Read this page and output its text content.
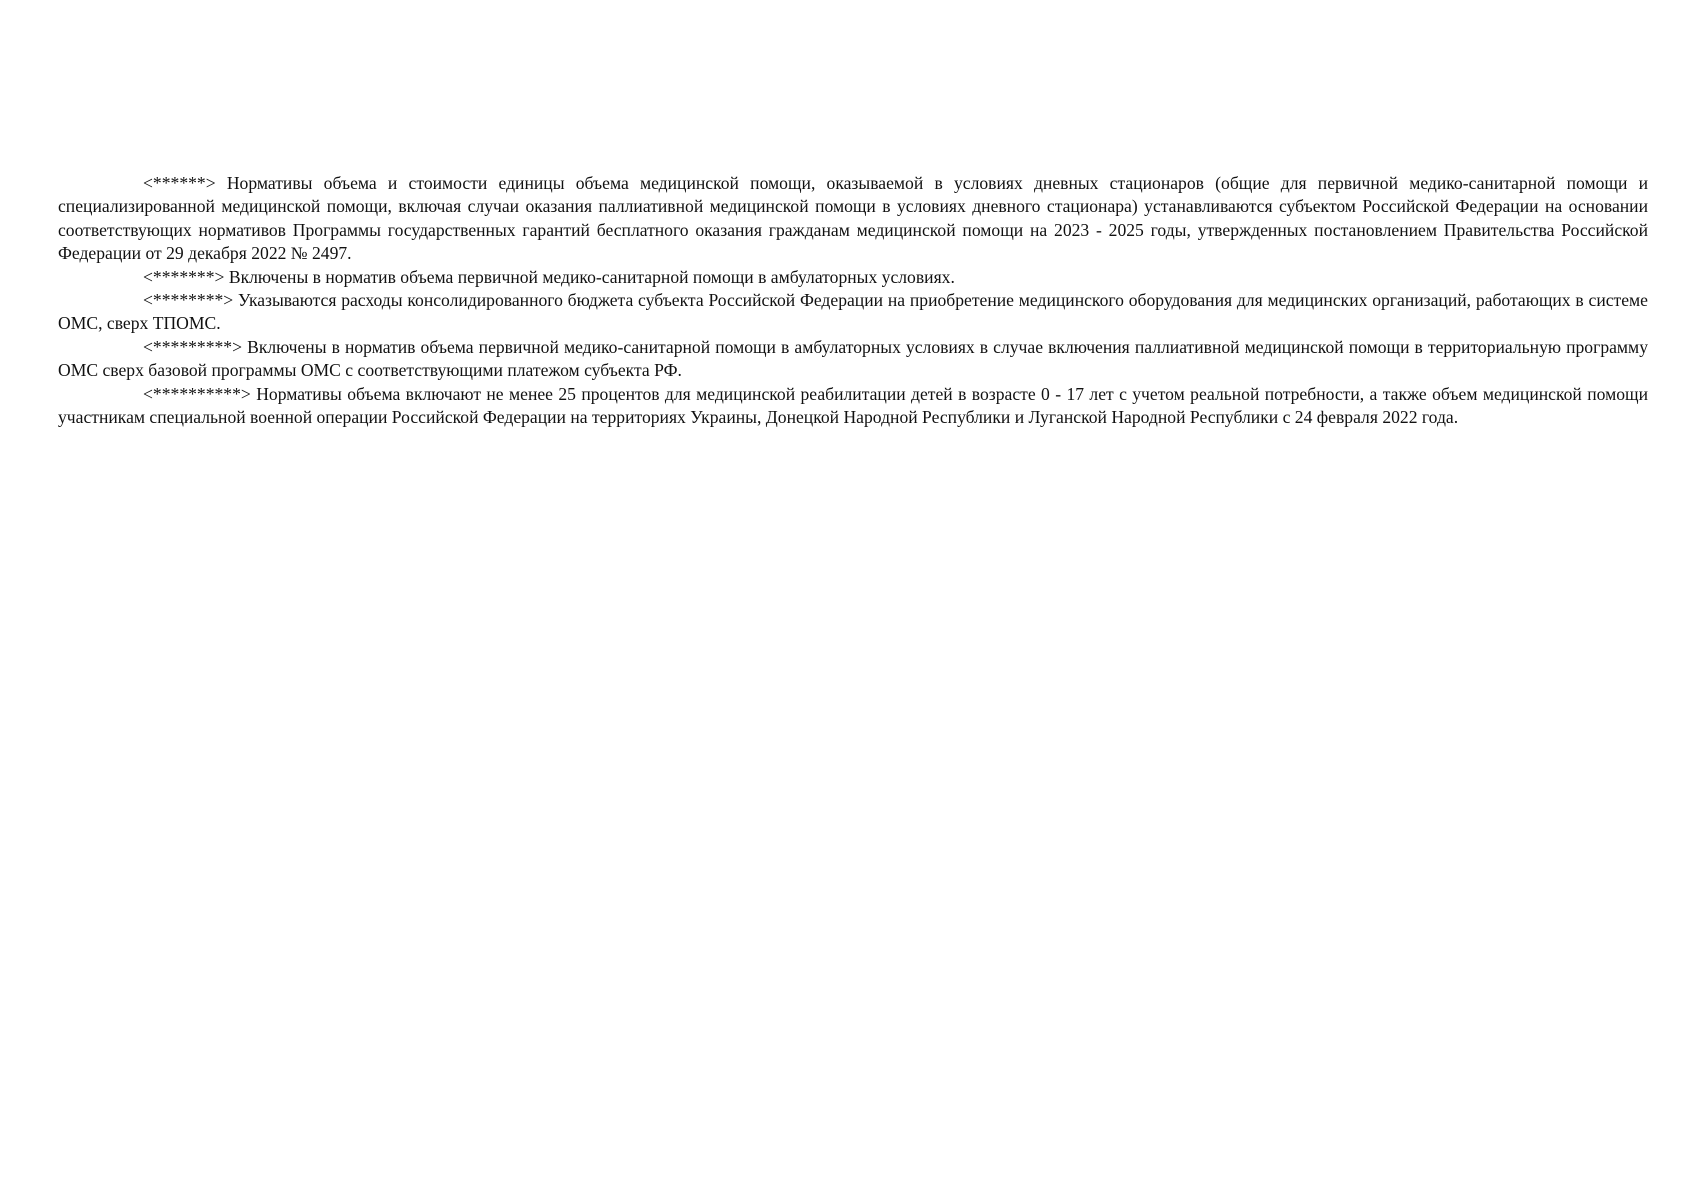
<******> Нормативы объема и стоимости единицы объема медицинской помощи, оказываемой в условиях дневных стационаров (общие для первичной медико-санитарной помощи и специализированной медицинской помощи, включая случаи оказания паллиативной медицинской помощи в условиях дневного стационара) устанавливаются субъектом Российской Федерации на основании соответствующих нормативов Программы государственных гарантий бесплатного оказания гражданам медицинской помощи на 2023 - 2025 годы, утвержденных постановлением Правительства Российской Федерации от 29 декабря 2022 № 2497.

<*******> Включены в норматив объема первичной медико-санитарной помощи в амбулаторных условиях.

<********> Указываются расходы консолидированного бюджета субъекта Российской Федерации на приобретение медицинского оборудования для медицинских организаций, работающих в системе ОМС, сверх ТПОМС.

<*********> Включены в норматив объема первичной медико-санитарной помощи в амбулаторных условиях в случае включения паллиативной медицинской помощи в территориальную программу ОМС сверх базовой программы ОМС с соответствующими платежом субъекта РФ.

<**********> Нормативы объема включают не менее 25 процентов для медицинской реабилитации детей в возрасте 0 - 17 лет с учетом реальной потребности, а также объем медицинской помощи участникам специальной военной операции Российской Федерации на территориях Украины, Донецкой Народной Республики и Луганской Народной Республики с 24 февраля 2022 года.
